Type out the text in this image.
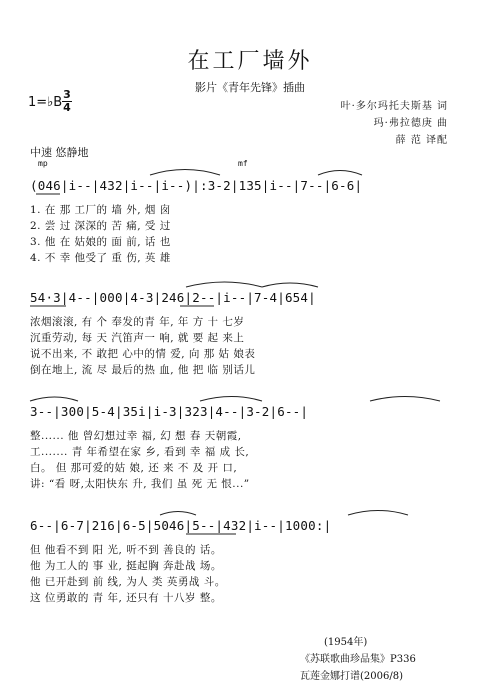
在工厂墙外
影片《青年先锋》插曲
1=♭B
3
4	叶·多尔玛托夫斯基 词
玛·弗拉德庚 曲
薛 范 译配
中速 悠静地
mp	mf
(046|i--|432|i--|i--)|:3-2|135|i--|7--|6-6|
1. 在 那 工厂的 墙 外, 烟 囱
2. 尝 过 深深的 苦 痛, 受 过
3. 他 在 姑娘的 面 前, 话 也
4. 不 幸 他受了 重 伤, 英 雄
54·3|4--|000|4-3|246|2--|i--|7-4|654|
浓烟滚滚, 有 个 奉发的青 年, 年 方 十 七岁
沉重劳动, 每 天 汽笛声一 响, 就 要 起 来上
说不出来, 不 敢把 心中的情 爱, 向 那 姑 娘表
倒在地上, 流 尽 最后的热 血, 他 把 临 别话儿
3--|300|5-4|35i|i-3|323|4--|3-2|6--|
整...... 他 曾幻想过幸 福, 幻 想 春 天朝霞,
工....... 青 年希望在家 乡, 看到 幸 福 成 长,
白。 但 那可爱的姑 娘, 还 来 不 及 开 口,
讲: “看 呀,太阳快东 升, 我们 虽 死 无 恨...”
6--|6-7|216|6-5|5046|5--|432|i--|1000:|
但 他看不到 阳 光, 听不到 善良的 话。
他 为工人的 事 业, 挺起胸 奔赴战 场。
他 已开赴到 前 线, 为人 类 英勇战 斗。
这 位勇敢的 青 年, 还只有 十八岁 整。
(1954年)
《苏联歌曲珍品集》P336
瓦莲金娜打谱(2006/8)
